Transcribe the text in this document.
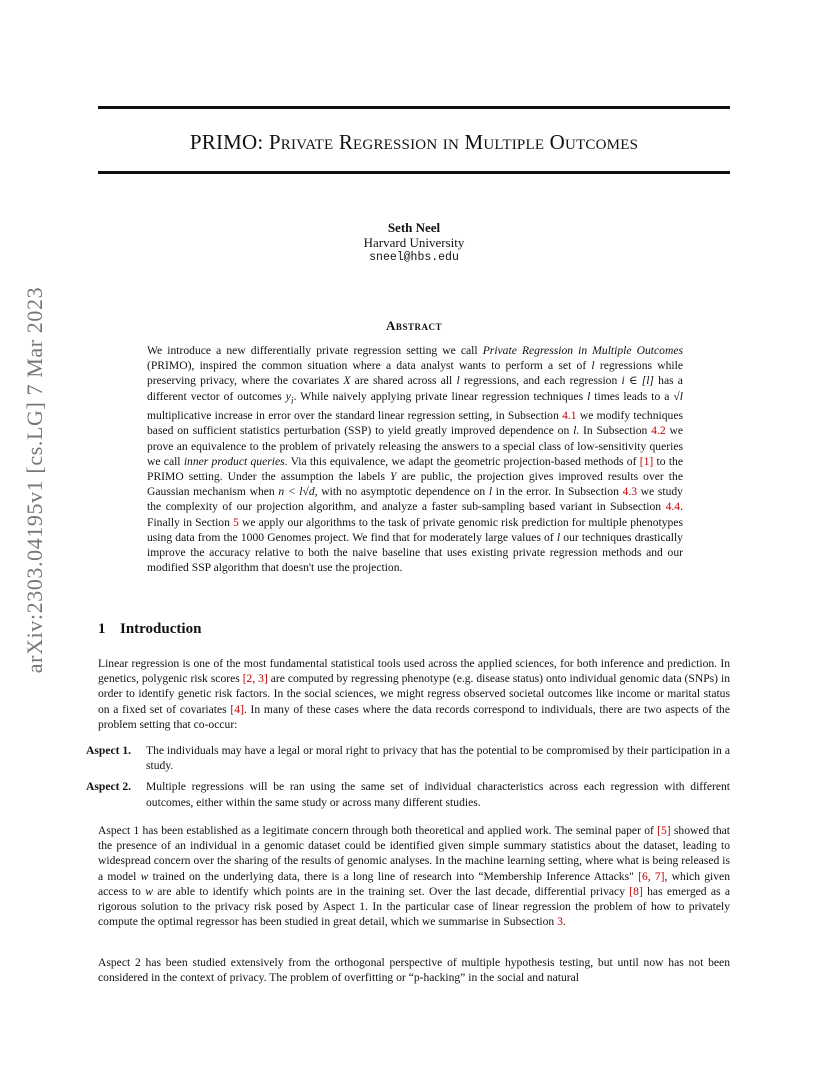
arXiv:2303.04195v1 [cs.LG] 7 Mar 2023
PRIMO: Private Regression in Multiple Outcomes
Seth Neel
Harvard University
sneel@hbs.edu
Abstract
We introduce a new differentially private regression setting we call Private Regression in Multiple Outcomes (PRIMO), inspired the common situation where a data analyst wants to perform a set of l regressions while preserving privacy, where the covariates X are shared across all l regressions, and each regression i ∈ [l] has a different vector of outcomes $y_i$. While naively applying private linear regression techniques l times leads to a √l multiplicative increase in error over the standard linear regression setting, in Subsection 4.1 we modify techniques based on sufficient statistics perturbation (SSP) to yield greatly improved dependence on l. In Subsection 4.2 we prove an equivalence to the problem of privately releasing the answers to a special class of low-sensitivity queries we call inner product queries. Via this equivalence, we adapt the geometric projection-based methods of [1] to the PRIMO setting. Under the assumption the labels Y are public, the projection gives improved results over the Gaussian mechanism when n < l√d, with no asymptotic dependence on l in the error. In Subsection 4.3 we study the complexity of our projection algorithm, and analyze a faster sub-sampling based variant in Subsection 4.4. Finally in Section 5 we apply our algorithms to the task of private genomic risk prediction for multiple phenotypes using data from the 1000 Genomes project. We find that for moderately large values of l our techniques drastically improve the accuracy relative to both the naive baseline that uses existing private regression methods and our modified SSP algorithm that doesn't use the projection.
1 Introduction
Linear regression is one of the most fundamental statistical tools used across the applied sciences, for both inference and prediction. In genetics, polygenic risk scores [2, 3] are computed by regressing phenotype (e.g. disease status) onto individual genomic data (SNPs) in order to identify genetic risk factors. In the social sciences, we might regress observed societal outcomes like income or marital status on a fixed set of covariates [4]. In many of these cases where the data records correspond to individuals, there are two aspects of the problem setting that co-occur:
Aspect 1.	The individuals may have a legal or moral right to privacy that has the potential to be compromised by their participation in a study.
Aspect 2.	Multiple regressions will be ran using the same set of individual characteristics across each regression with different outcomes, either within the same study or across many different studies.
Aspect 1 has been established as a legitimate concern through both theoretical and applied work. The seminal paper of [5] showed that the presence of an individual in a genomic dataset could be identified given simple summary statistics about the dataset, leading to widespread concern over the sharing of the results of genomic analyses. In the machine learning setting, where what is being released is a model w trained on the underlying data, there is a long line of research into “Membership Inference Attacks" [6, 7], which given access to w are able to identify which points are in the training set. Over the last decade, differential privacy [8] has emerged as a rigorous solution to the privacy risk posed by Aspect 1. In the particular case of linear regression the problem of how to privately compute the optimal regressor has been studied in great detail, which we summarise in Subsection 3.
Aspect 2 has been studied extensively from the orthogonal perspective of multiple hypothesis testing, but until now has not been considered in the context of privacy. The problem of overfitting or “p-hacking” in the social and natural
